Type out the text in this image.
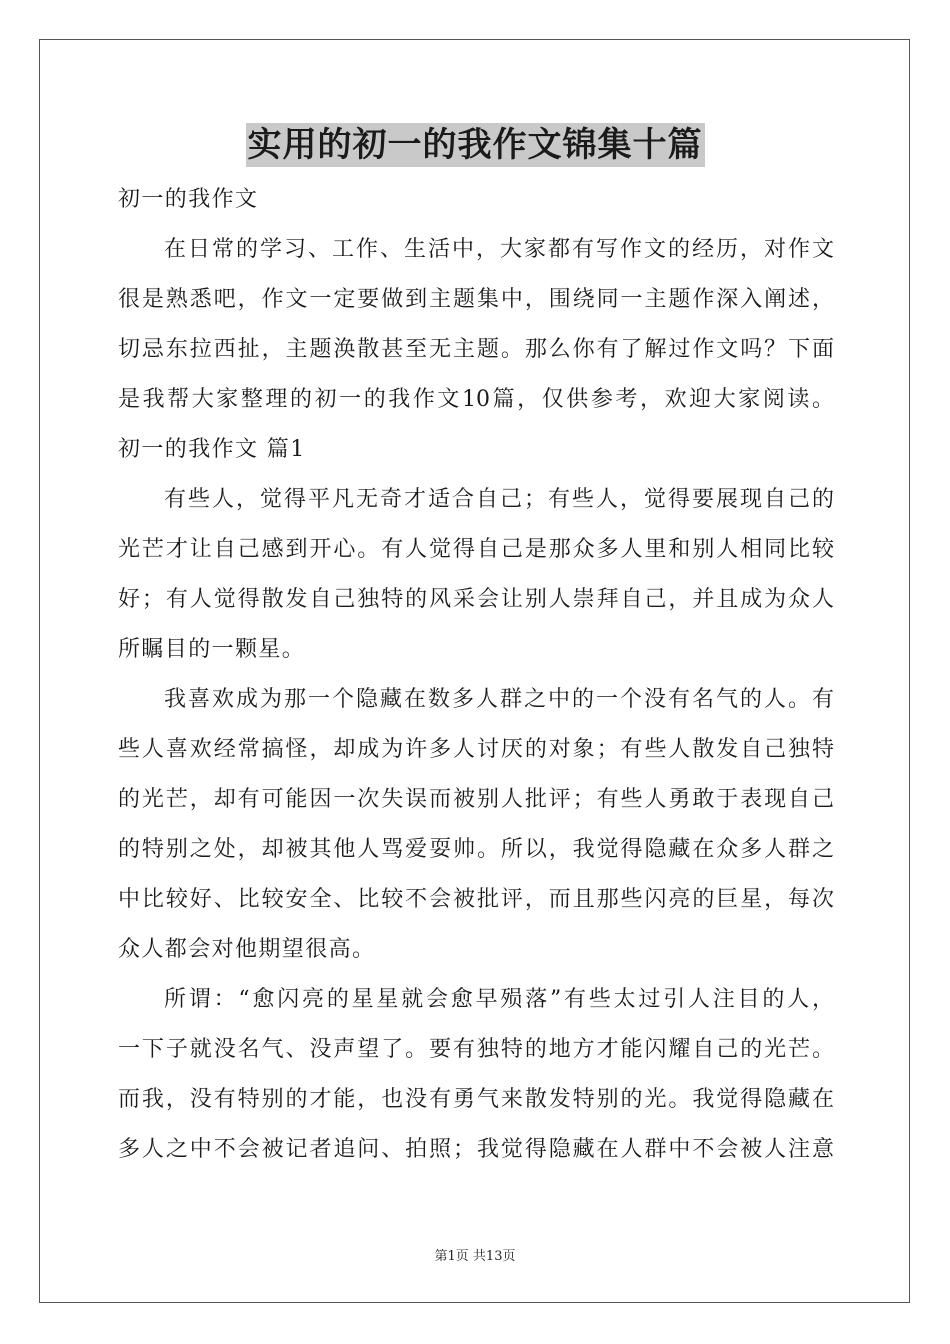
实用的初一的我作文锦集十篇
初一的我作文
在日常的学习、工作、生活中，大家都有写作文的经历，对作文
很是熟悉吧，作文一定要做到主题集中，围绕同一主题作深入阐述，
切忌东拉西扯，主题涣散甚至无主题。那么你有了解过作文吗？下面
是我帮大家整理的初一的我作文10篇，仅供参考，欢迎大家阅读。
初一的我作文 篇1
有些人，觉得平凡无奇才适合自己；有些人，觉得要展现自己的
光芒才让自己感到开心。有人觉得自己是那众多人里和别人相同比较
好；有人觉得散发自己独特的风采会让别人崇拜自己，并且成为众人
所瞩目的一颗星。
我喜欢成为那一个隐藏在数多人群之中的一个没有名气的人。有
些人喜欢经常搞怪，却成为许多人讨厌的对象；有些人散发自己独特
的光芒，却有可能因一次失误而被别人批评；有些人勇敢于表现自己
的特别之处，却被其他人骂爱耍帅。所以，我觉得隐藏在众多人群之
中比较好、比较安全、比较不会被批评，而且那些闪亮的巨星，每次
众人都会对他期望很高。
所谓：“愈闪亮的星星就会愈早殒落”有些太过引人注目的人，
一下子就没名气、没声望了。要有独特的地方才能闪耀自己的光芒。
而我，没有特别的才能，也没有勇气来散发特别的光。我觉得隐藏在
多人之中不会被记者追问、拍照；我觉得隐藏在人群中不会被人注意
第1页 共13页
